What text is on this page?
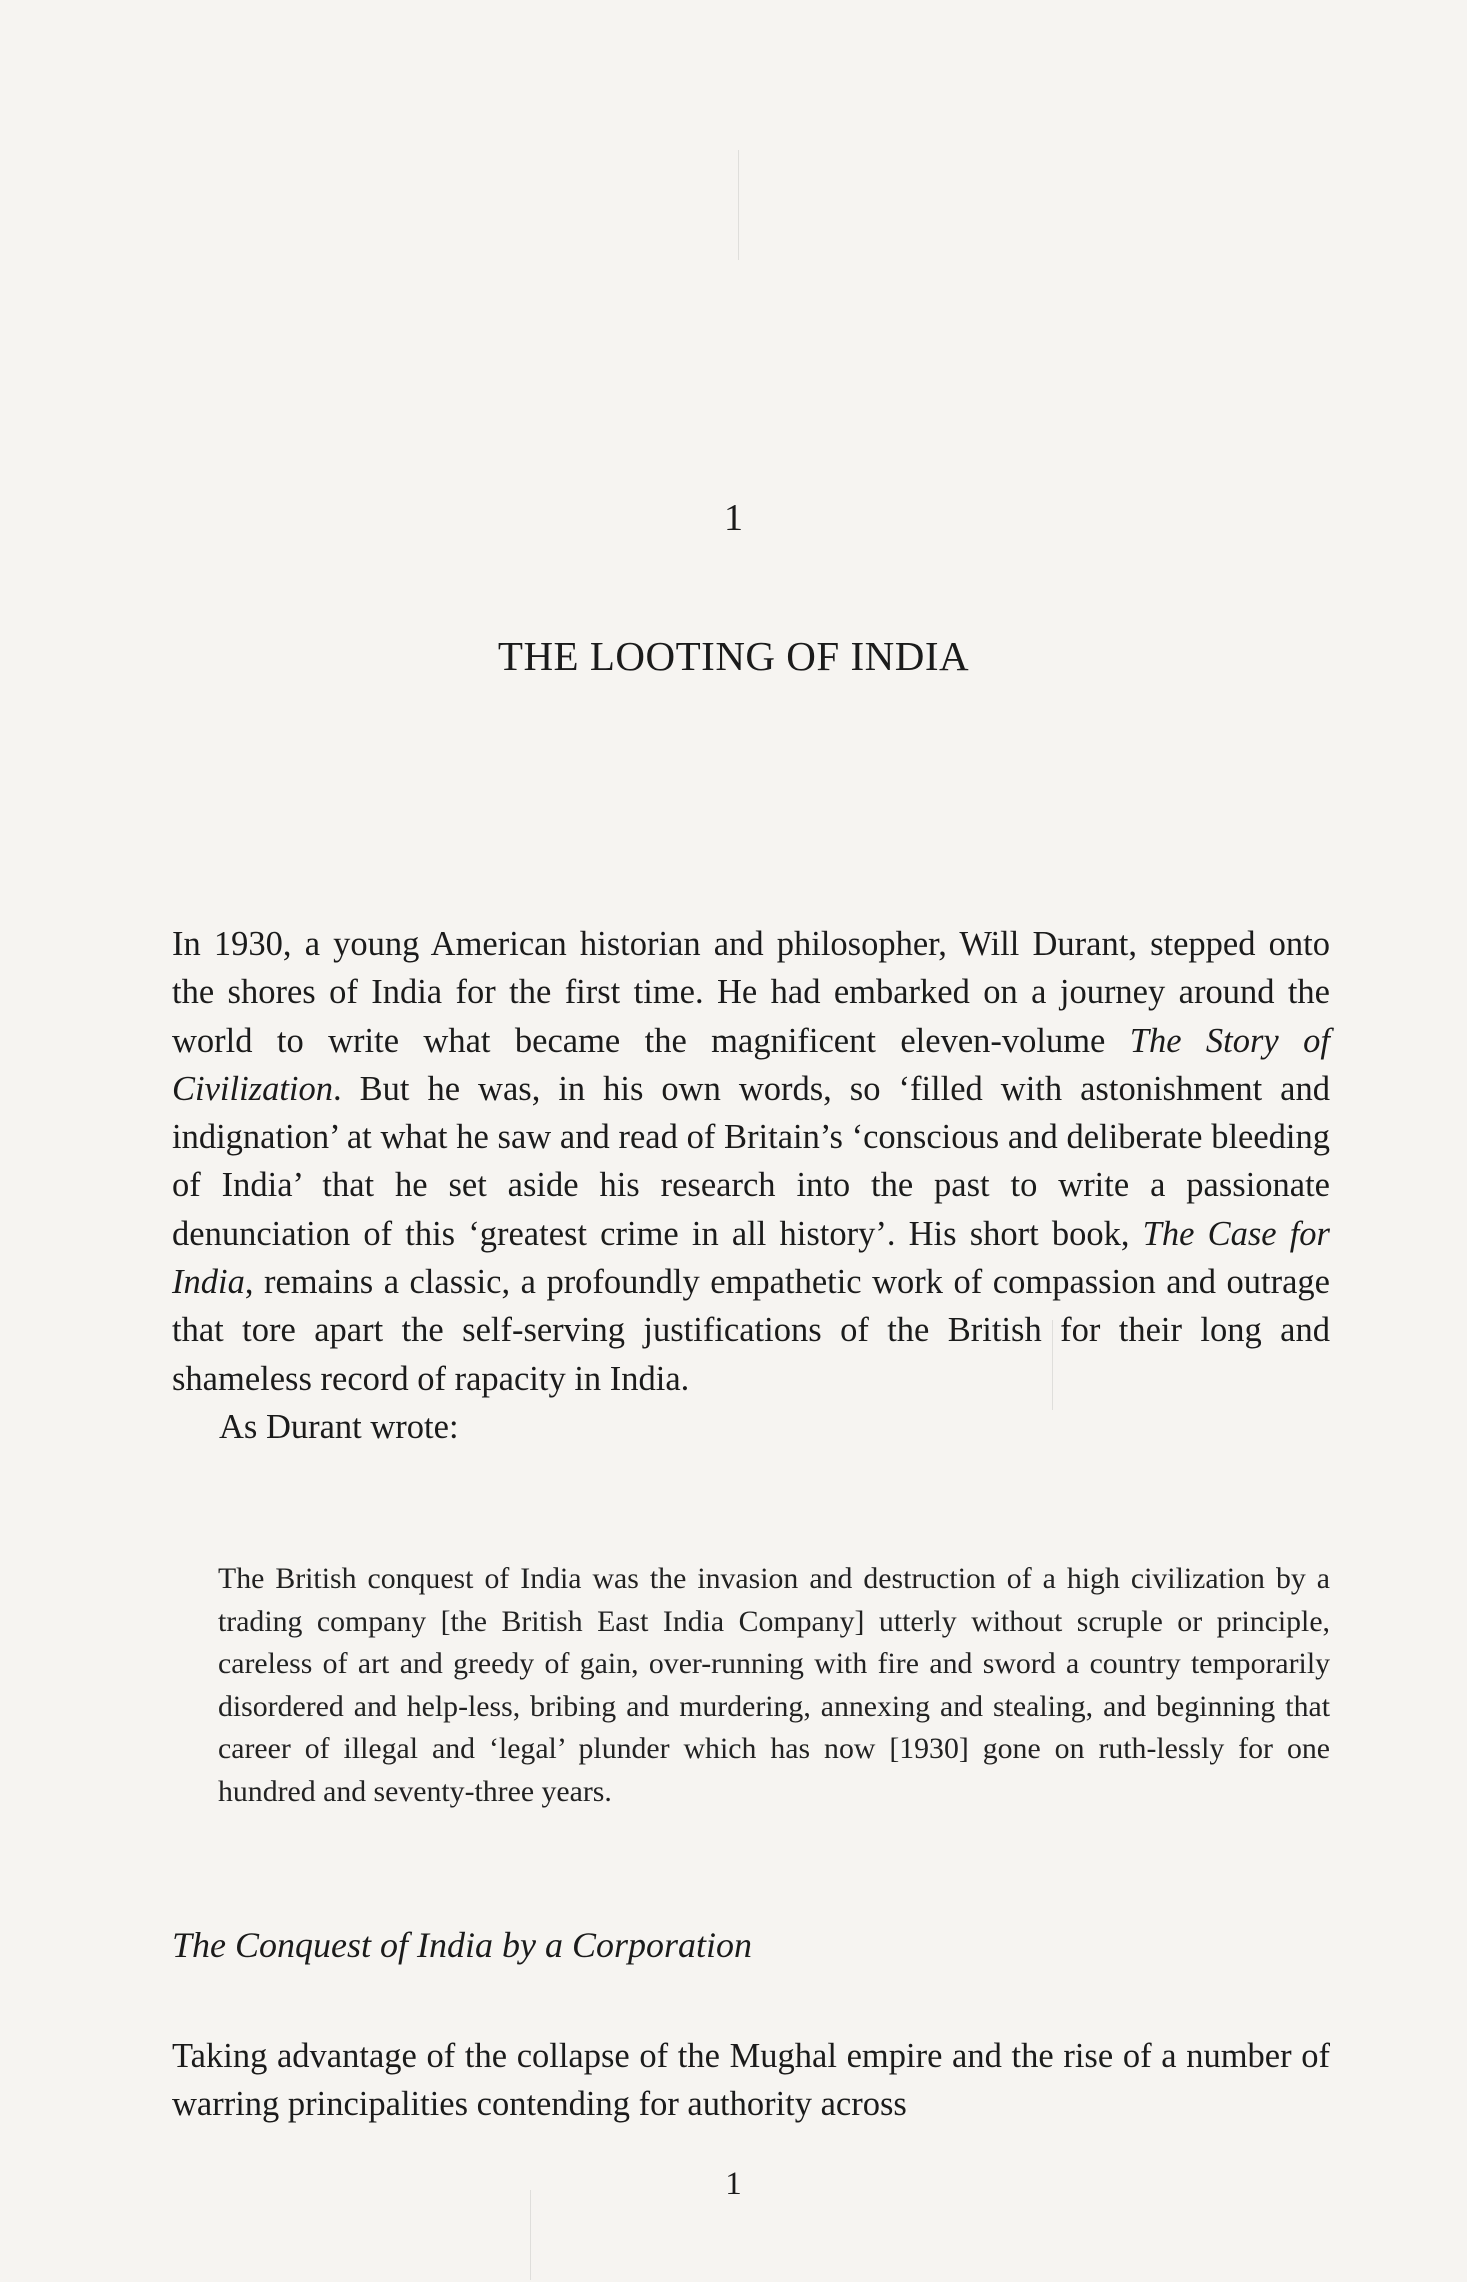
1
THE LOOTING OF INDIA

In 1930, a young American historian and philosopher, Will Durant, stepped onto the shores of India for the first time. He had embarked on a journey around the world to write what became the magnificent eleven-volume The Story of Civilization. But he was, in his own words, so ‘filled with astonishment and indignation’ at what he saw and read of Britain’s ‘conscious and deliberate bleeding of India’ that he set aside his research into the past to write a passionate denunciation of this ‘greatest crime in all history’. His short book, The Case for India, remains a classic, a profoundly empathetic work of compassion and outrage that tore apart the self-serving justifications of the British for their long and shameless record of rapacity in India.

As Durant wrote:

The British conquest of India was the invasion and destruction of a high civilization by a trading company [the British East India Company] utterly without scruple or principle, careless of art and greedy of gain, over-running with fire and sword a country temporarily disordered and help-less, bribing and murdering, annexing and stealing, and beginning that career of illegal and ‘legal’ plunder which has now [1930] gone on ruth-lessly for one hundred and seventy-three years.
The Conquest of India by a Corporation

Taking advantage of the collapse of the Mughal empire and the rise of a number of warring principalities contending for authority across

1
